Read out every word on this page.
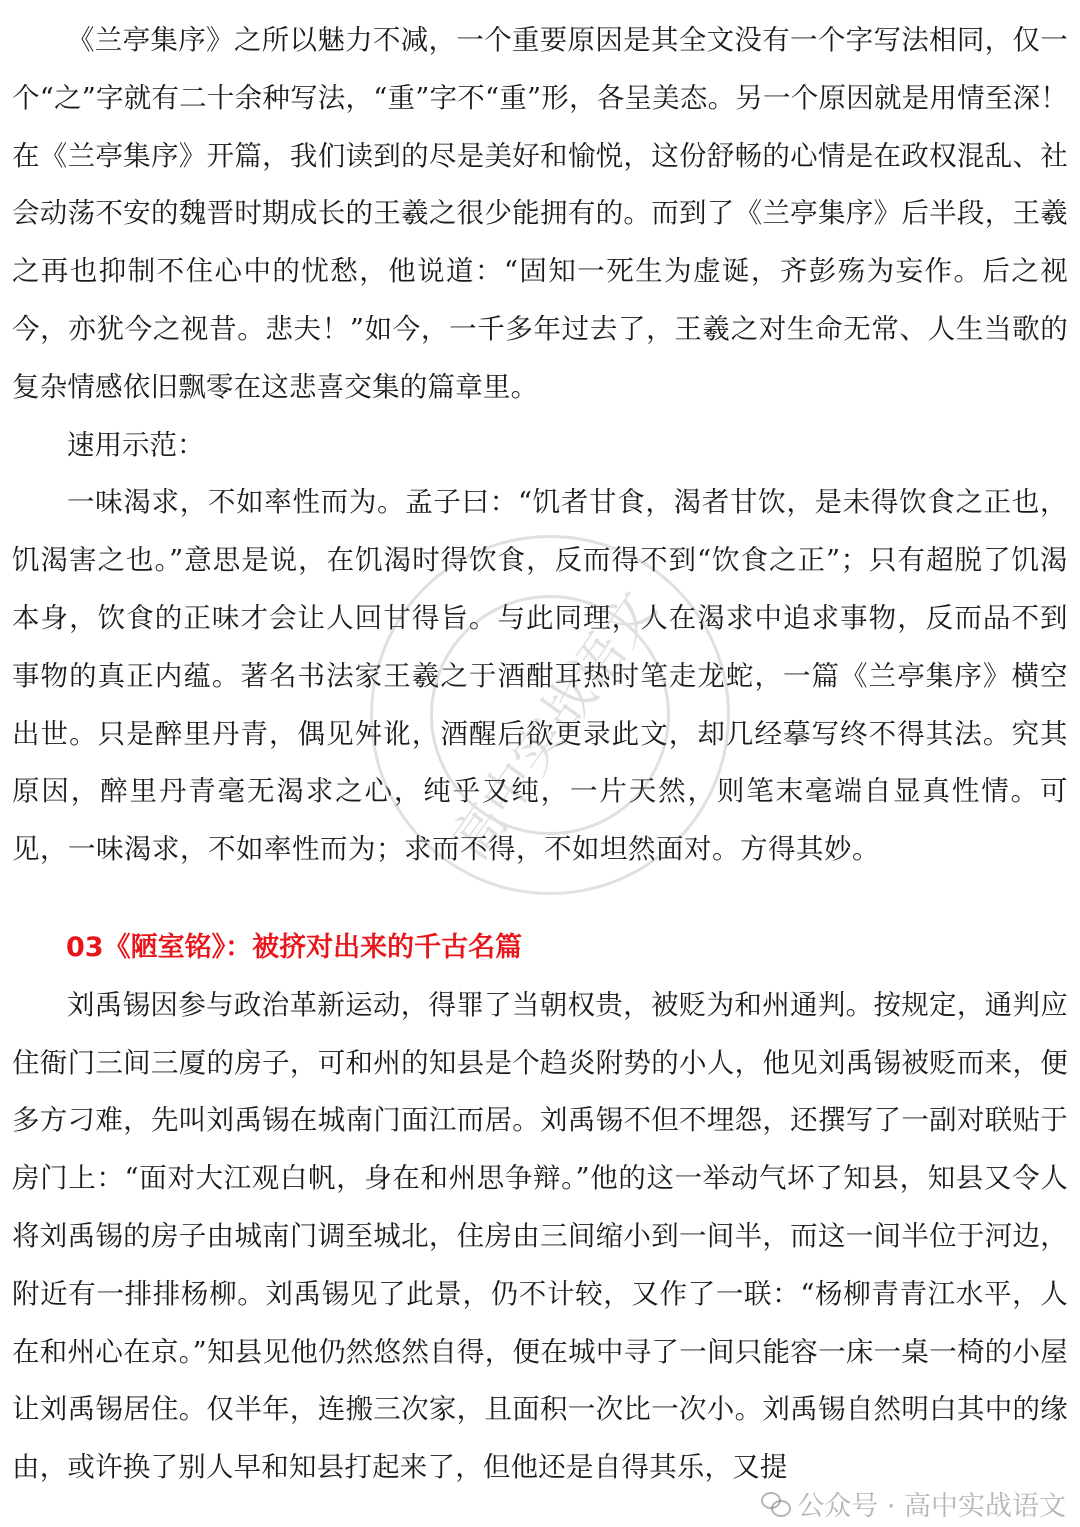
《兰亭集序》之所以魅力不减，一个重要原因是其全文没有一个字写法相同，仅一个“之”字就有二十余种写法，“重”字不“重”形，各呈美态。另一个原因就是用情至深！在《兰亭集序》开篇，我们读到的尽是美好和愉悦，这份舒畅的心情是在政权混乱、社会动荡不安的魏晋时期成长的王羲之很少能拥有的。而到了《兰亭集序》后半段，王羲之再也抑制不住心中的忧愁，他说道：“固知一死生为虚诞，齐彭殇为妄作。后之视今，亦犹今之视昔。悲夫！”如今，一千多年过去了，王羲之对生命无常、人生当歌的复杂情感依旧飘零在这悲喜交集的篇章里。

速用示范：

一味渴求，不如率性而为。孟子曰：“饥者甘食，渴者甘饮，是未得饮食之正也，饥渴害之也。”意思是说，在饥渴时得饮食，反而得不到“饮食之正”；只有超脱了饥渴本身，饮食的正味才会让人回甘得旨。与此同理，人在渴求中追求事物，反而品不到事物的真正内蕴。著名书法家王羲之于酒酣耳热时笔走龙蛇，一篇《兰亭集序》横空出世。只是醉里丹青，偶见舛讹，酒醒后欲更录此文，却几经摹写终不得其法。究其原因，醉里丹青毫无渴求之心，纯乎又纯，一片天然，则笔末毫端自显真性情。可见，一味渴求，不如率性而为；求而不得，不如坦然面对。方得其妙。

03《陋室铭》：被挤对出来的千古名篇

刘禹锡因参与政治革新运动，得罪了当朝权贵，被贬为和州通判。按规定，通判应住衙门三间三厦的房子，可和州的知县是个趋炎附势的小人，他见刘禹锡被贬而来，便多方刁难，先叫刘禹锡在城南门面江而居。刘禹锡不但不埋怨，还撰写了一副对联贴于房门上：“面对大江观白帆，身在和州思争辩。”他的这一举动气坏了知县，知县又令人将刘禹锡的房子由城南门调至城北，住房由三间缩小到一间半，而这一间半位于河边，附近有一排排杨柳。刘禹锡见了此景，仍不计较，又作了一联：“杨柳青青江水平，人在和州心在京。”知县见他仍然悠然自得，便在城中寻了一间只能容一床一桌一椅的小屋让刘禹锡居住。仅半年，连搬三次家，且面积一次比一次小。刘禹锡自然明白其中的缘由，或许换了别人早和知县打起来了，但他还是自得其乐，又提

高中实战语文
公众号 · 高中实战语文
